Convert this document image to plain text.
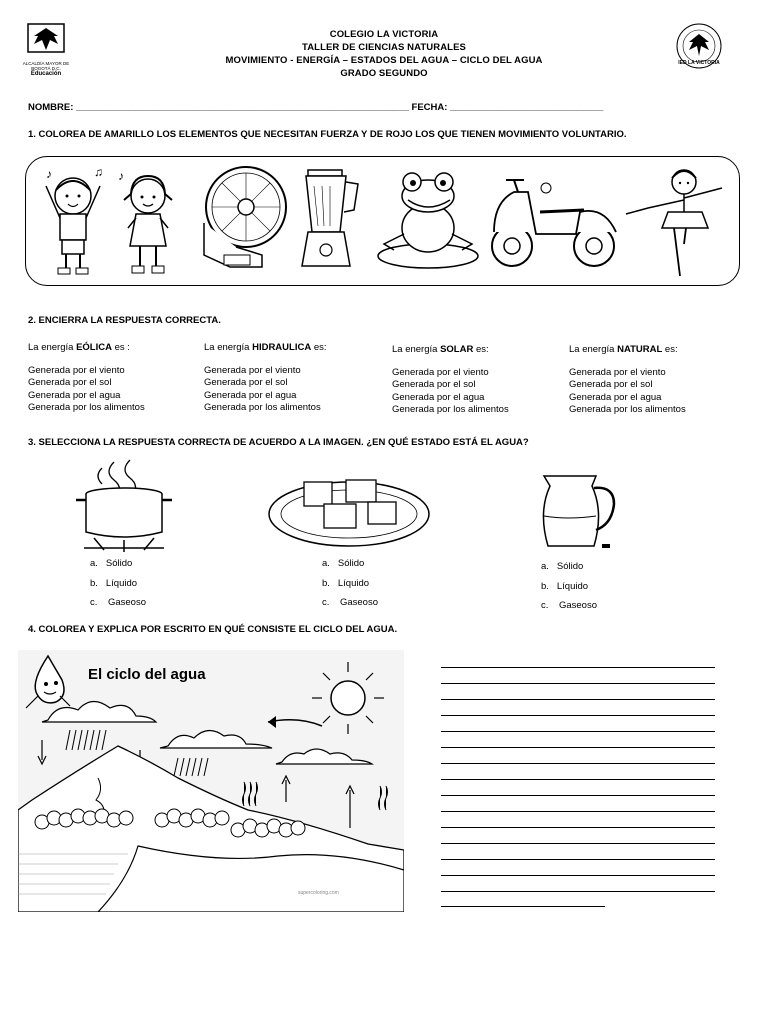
ALCALDÍA MAYOR DE BOGOTÁ D.C.
Educación
IED LA VICTORIA
COLEGIO LA VICTORIA
TALLER DE CIENCIAS NATURALES
MOVIMIENTO - ENERGÍA – ESTADOS DEL AGUA – CICLO DEL AGUA
GRADO SEGUNDO
NOMBRE: _______________________________________________________________ FECHA: _____________________________
1. COLOREA DE AMARILLO LOS ELEMENTOS QUE NECESITAN FUERZA Y DE ROJO LOS QUE TIENEN MOVIMIENTO VOLUNTARIO.
♪	♫ ♪
2. ENCIERRA LA RESPUESTA CORRECTA.
La energía EÓLICA es :
Generada por el viento
Generada por el sol
Generada por el agua
Generada por los alimentos
La energía HIDRAULICA es:
Generada por el viento
Generada por el sol
Generada por el agua
Generada por los alimentos
La energía SOLAR es:
Generada por el viento
Generada por el sol
Generada por el agua
Generada por los alimentos
La energía NATURAL es:
Generada por el viento
Generada por el sol
Generada por el agua
Generada por los alimentos
3. SELECCIONA LA RESPUESTA CORRECTA DE ACUERDO A LA IMAGEN. ¿EN QUÉ ESTADO ESTÁ EL AGUA?
a. Sólido
b. Líquido
c. Gaseoso
a. Sólido
b. Líquido
c. Gaseoso
a. Sólido
b. Líquido
c. Gaseoso
4. COLOREA Y EXPLICA POR ESCRITO EN QUÉ CONSISTE EL CICLO DEL AGUA.
El ciclo del agua
supercoloring.com
